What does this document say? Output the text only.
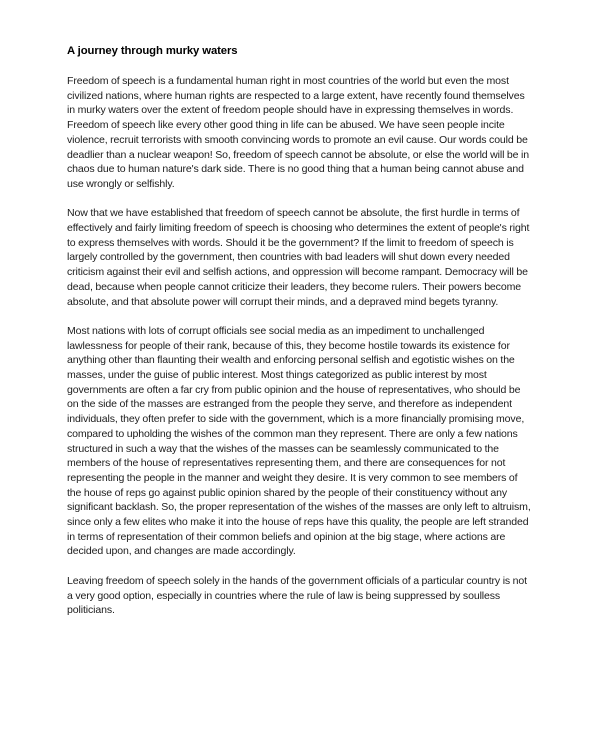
A journey through murky waters

Freedom of speech is a fundamental human right in most countries of the world but even the most civilized nations, where human rights are respected to a large extent, have recently found themselves in murky waters over the extent of freedom people should have in expressing themselves in words. Freedom of speech like every other good thing in life can be abused. We have seen people incite violence, recruit terrorists with smooth convincing words to promote an evil cause. Our words could be deadlier than a nuclear weapon! So, freedom of speech cannot be absolute, or else the world will be in chaos due to human nature's dark side. There is no good thing that a human being cannot abuse and use wrongly or selfishly.

Now that we have established that freedom of speech cannot be absolute, the first hurdle in terms of effectively and fairly limiting freedom of speech is choosing who determines the extent of people's right to express themselves with words. Should it be the government? If the limit to freedom of speech is largely controlled by the government, then countries with bad leaders will shut down every needed criticism against their evil and selfish actions, and oppression will become rampant. Democracy will be dead, because when people cannot criticize their leaders, they become rulers. Their powers become absolute, and that absolute power will corrupt their minds, and a depraved mind begets tyranny.

Most nations with lots of corrupt officials see social media as an impediment to unchallenged lawlessness for people of their rank, because of this, they become hostile towards its existence for anything other than flaunting their wealth and enforcing personal selfish and egotistic wishes on the masses, under the guise of public interest. Most things categorized as public interest by most governments are often a far cry from public opinion and the house of representatives, who should be on the side of the masses are estranged from the people they serve, and therefore as independent individuals, they often prefer to side with the government, which is a more financially promising move, compared to upholding the wishes of the common man they represent. There are only a few nations structured in such a way that the wishes of the masses can be seamlessly communicated to the members of the house of representatives representing them, and there are consequences for not representing the people in the manner and weight they desire. It is very common to see members of the house of reps go against public opinion shared by the people of their constituency without any significant backlash. So, the proper representation of the wishes of the masses are only left to altruism, since only a few elites who make it into the house of reps have this quality, the people are left stranded in terms of representation of their common beliefs and opinion at the big stage, where actions are decided upon, and changes are made accordingly.

Leaving freedom of speech solely in the hands of the government officials of a particular country is not a very good option, especially in countries where the rule of law is being suppressed by soulless politicians.
